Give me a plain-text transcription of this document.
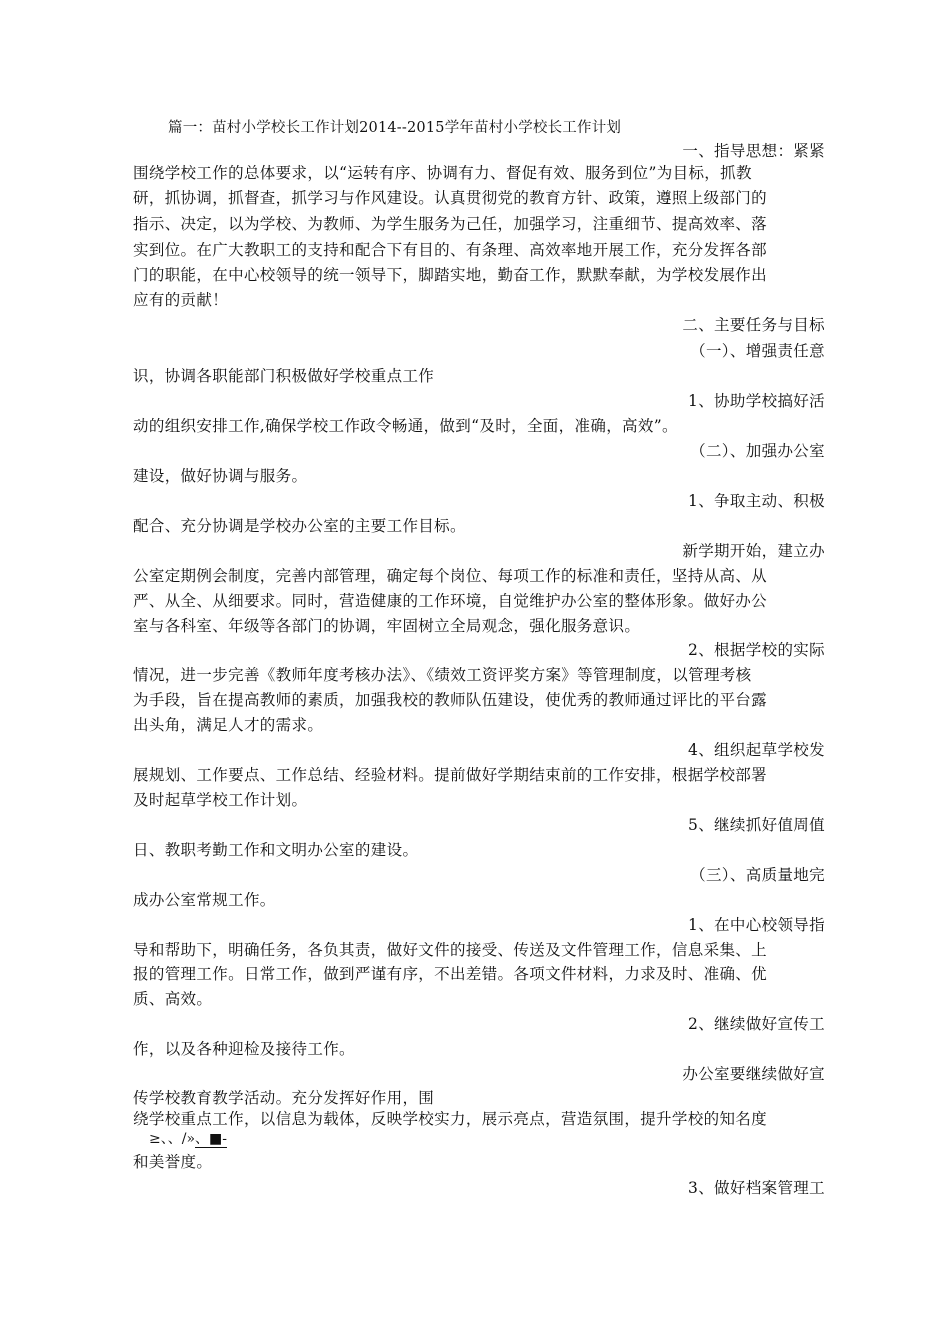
篇一：苗村小学校长工作计划2014--2015学年苗村小学校长工作计划
一、指导思想：紧紧
围绕学校工作的总体要求，以“运转有序、协调有力、督促有效、服务到位”为目标，抓教
研，抓协调，抓督查，抓学习与作风建设。认真贯彻党的教育方针、政策，遵照上级部门的
指示、决定，以为学校、为教师、为学生服务为己任，加强学习，注重细节、提高效率、落
实到位。在广大教职工的支持和配合下有目的、有条理、高效率地开展工作，充分发挥各部
门的职能，在中心校领导的统一领导下，脚踏实地，勤奋工作，默默奉献，为学校发展作出
应有的贡献！
二、主要任务与目标
（一）、增强责任意
识，协调各职能部门积极做好学校重点工作
1、协助学校搞好活
动的组织安排工作,确保学校工作政令畅通，做到“及时，全面，准确，高效”。
（二）、加强办公室
建设，做好协调与服务。
1、争取主动、积极
配合、充分协调是学校办公室的主要工作目标。
新学期开始，建立办
公室定期例会制度，完善内部管理，确定每个岗位、每项工作的标准和责任，坚持从高、从
严、从全、从细要求。同时，营造健康的工作环境，自觉维护办公室的整体形象。做好办公
室与各科室、年级等各部门的协调，牢固树立全局观念，强化服务意识。
2、根据学校的实际
情况，进一步完善《教师年度考核办法》、《绩效工资评奖方案》等管理制度，以管理考核
为手段，旨在提高教师的素质，加强我校的教师队伍建设，使优秀的教师通过评比的平台露
出头角，满足人才的需求。
4、组织起草学校发
展规划、工作要点、工作总结、经验材料。提前做好学期结束前的工作安排，根据学校部署
及时起草学校工作计划。
5、继续抓好值周值
日、教职考勤工作和文明办公室的建设。
（三）、高质量地完
成办公室常规工作。
1、在中心校领导指
导和帮助下，明确任务，各负其责，做好文件的接受、传送及文件管理工作，信息采集、上
报的管理工作。日常工作，做到严谨有序，不出差错。各项文件材料，力求及时、准确、优
质、高效。
2、继续做好宣传工
作，以及各种迎检及接待工作。
办公室要继续做好宣
传学校教育教学活动。充分发挥好作用，围
绕学校重点工作，以信息为载体，反映学校实力，展示亮点，营造氛围，提升学校的知名度
≥、、/»、■-
和美誉度。
3、做好档案管理工
